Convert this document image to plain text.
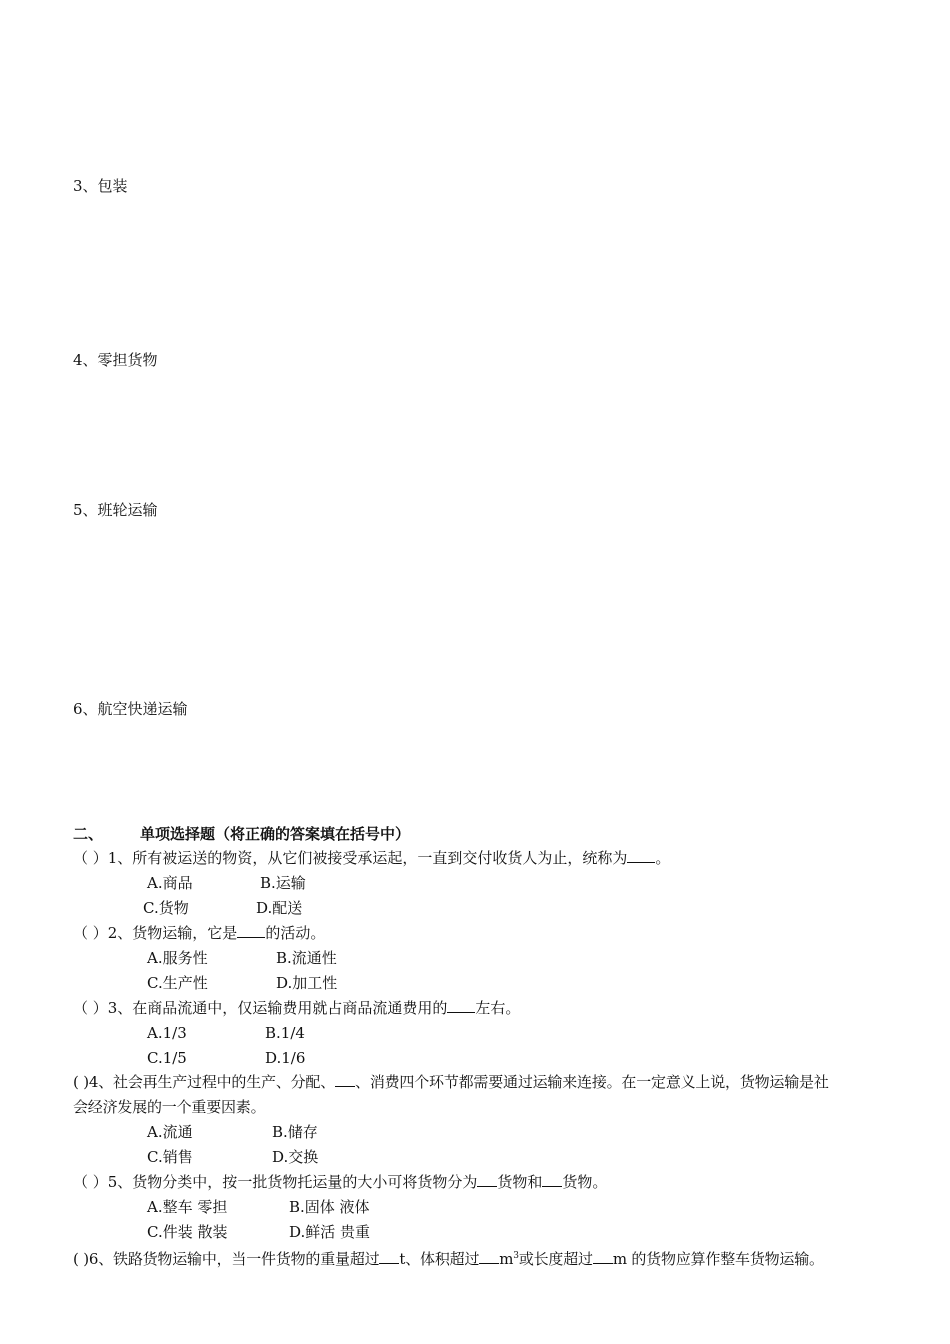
3、包装
4、零担货物
5、班轮运输
6、航空快递运输
二、 单项选择题（将正确的答案填在括号中）
（ ）1、所有被运送的物资，从它们被接受承运起，一直到交付收货人为止，统称为 。
A.商品	B.运输
C.货物	D.配送
（ ）2、货物运输，它是 的活动。
A.服务性	B.流通性
C.生产性	D.加工性
（ ）3、在商品流通中，仅运输费用就占商品流通费用的 左右。
A.1/3	B.1/4
C.1/5	D.1/6
( )4、社会再生产过程中的生产、分配、 、消费四个环节都需要通过运输来连接。在一定意义上说，货物运输是社会经济发展的一个重要因素。
A.流通	B.储存
C.销售	D.交换
（ ）5、货物分类中，按一批货物托运量的大小可将货物分为 货物和 货物。
A.整车 零担	B.固体 液体
C.件装 散装	D.鲜活 贵重
( )6、铁路货物运输中，当一件货物的重量超过 t、体积超过 $m^3$或长度超过 m 的货物应算作整车货物运输。
